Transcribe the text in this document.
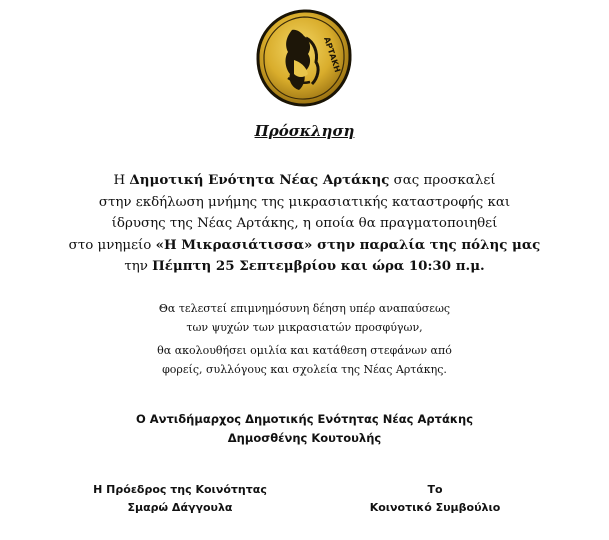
ΑΡΤΑΚΗ
Πρόσκληση
Η Δημοτική Ενότητα Νέας Αρτάκης σας προσκαλεί
στην εκδήλωση μνήμης της μικρασιατικής καταστροφής και
ίδρυσης της Νέας Αρτάκης, η οποία θα πραγματοποιηθεί
στο μνημείο «Η Μικρασιάτισσα» στην παραλία της πόλης μας
την Πέμπτη 25 Σεπτεμβρίου και ώρα 10:30 π.μ.
Θα τελεστεί επιμνημόσυνη δέηση υπέρ αναπαύσεως
των ψυχών των μικρασιατών προσφύγων,
θα ακολουθήσει ομιλία και κατάθεση στεφάνων από
φορείς, συλλόγους και σχολεία της Νέας Αρτάκης.
Ο Αντιδήμαρχος Δημοτικής Ενότητας Νέας Αρτάκης
Δημοσθένης Κουτουλής
Η Πρόεδρος της Κοινότητας
Σμαρώ Δάγγουλα
Το
Κοινοτικό Συμβούλιο
